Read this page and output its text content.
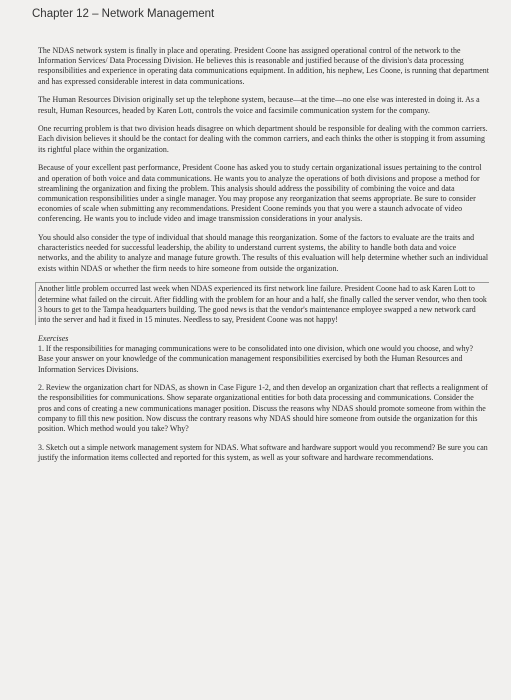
Chapter 12 – Network Management

The NDAS network system is finally in place and operating. President Coone has assigned operational control of the network to the Information Services/ Data Processing Division. He believes this is reasonable and justified because of the division's data processing responsibilities and experience in operating data communications equipment. In addition, his nephew, Les Coone, is running that department and has expressed considerable interest in data communications.

The Human Resources Division originally set up the telephone system, because—at the time—no one else was interested in doing it. As a result, Human Resources, headed by Karen Lott, controls the voice and facsimile communication system for the company.

One recurring problem is that two division heads disagree on which department should be responsible for dealing with the common carriers. Each division believes it should be the contact for dealing with the common carriers, and each thinks the other is stopping it from assuming its rightful place within the organization.

Because of your excellent past performance, President Coone has asked you to study certain organizational issues pertaining to the control and operation of both voice and data communications. He wants you to analyze the operations of both divisions and propose a method for streamlining the organization and fixing the problem. This analysis should address the possibility of combining the voice and data communication responsibilities under a single manager. You may propose any reorganization that seems appropriate. Be sure to consider economies of scale when submitting any recommendations. President Coone reminds you that you were a staunch advocate of video conferencing. He wants you to include video and image transmission considerations in your analysis.

You should also consider the type of individual that should manage this reorganization. Some of the factors to evaluate are the traits and characteristics needed for successful leadership, the ability to understand current systems, the ability to handle both data and voice networks, and the ability to analyze and manage future growth. The results of this evaluation will help determine whether such an individual exists within NDAS or whether the firm needs to hire someone from outside the organization.

Another little problem occurred last week when NDAS experienced its first network line failure. President Coone had to ask Karen Lott to determine what failed on the circuit. After fiddling with the problem for an hour and a half, she finally called the server vendor, who then took 3 hours to get to the Tampa headquarters building. The good news is that the vendor's maintenance employee swapped a new network card into the server and had it fixed in 15 minutes. Needless to say, President Coone was not happy!

Exercises

1. If the responsibilities for managing communications were to be consolidated into one division, which one would you choose, and why? Base your answer on your knowledge of the communication management responsibilities exercised by both the Human Resources and Information Services Divisions.

2. Review the organization chart for NDAS, as shown in Case Figure 1-2, and then develop an organization chart that reflects a realignment of the responsibilities for communications. Show separate organizational entities for both data processing and communications. Consider the pros and cons of creating a new communications manager position. Discuss the reasons why NDAS should promote someone from within the company to fill this new position. Now discuss the contrary reasons why NDAS should hire someone from outside the organization for this position. Which method would you take? Why?

3. Sketch out a simple network management system for NDAS. What software and hardware support would you recommend? Be sure you can justify the information items collected and reported for this system, as well as your software and hardware recommendations.
